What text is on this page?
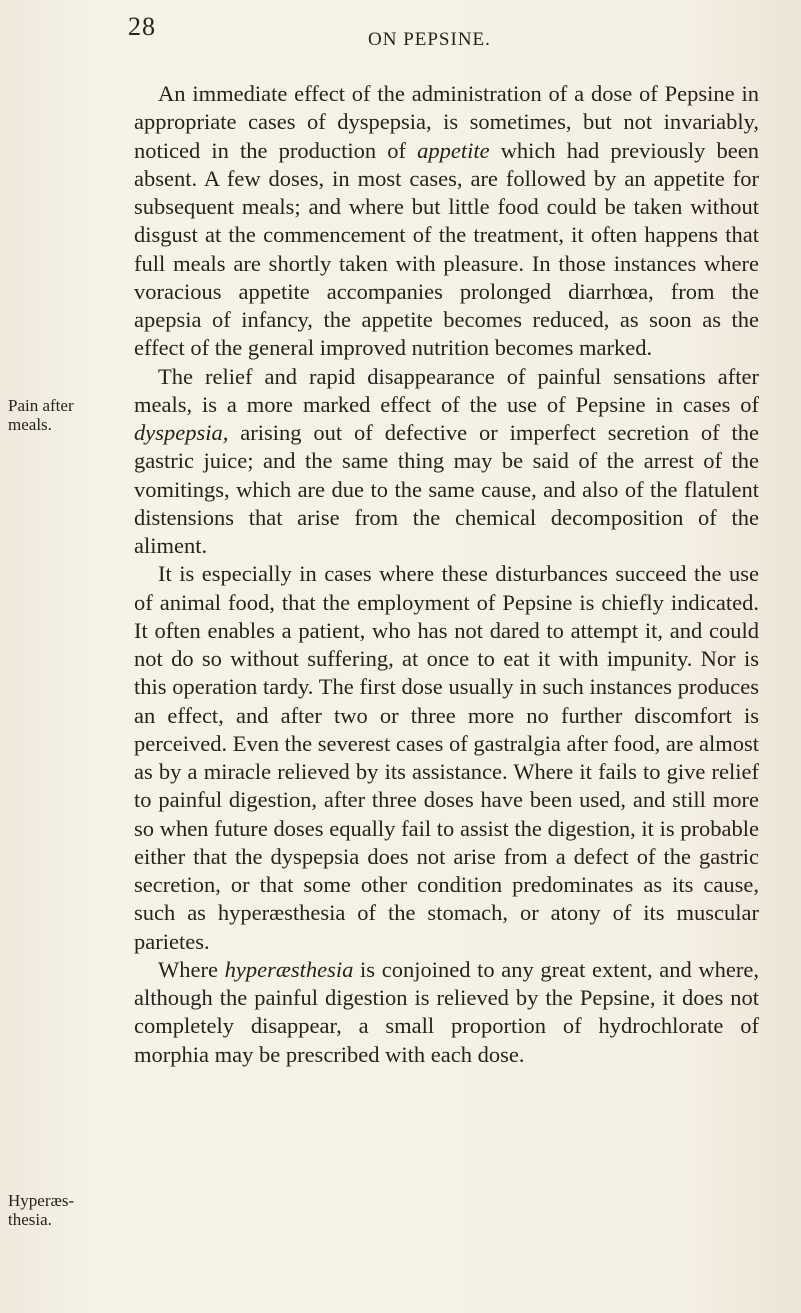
28	ON PEPSINE.
Pain after
meals.
Hyperæs-
thesia.

An immediate effect of the administration of a dose of Pepsine in appropriate cases of dyspepsia, is sometimes, but not invariably, noticed in the production of appetite which had previously been absent. A few doses, in most cases, are followed by an appetite for subsequent meals; and where but little food could be taken without disgust at the commencement of the treatment, it often happens that full meals are shortly taken with pleasure. In those instances where voracious appetite accompanies prolonged diarrhœa, from the apepsia of infancy, the appetite becomes reduced, as soon as the effect of the general improved nutrition becomes marked.

The relief and rapid disappearance of painful sensations after meals, is a more marked effect of the use of Pepsine in cases of dyspepsia, arising out of defective or imperfect secretion of the gastric juice; and the same thing may be said of the arrest of the vomitings, which are due to the same cause, and also of the flatulent distensions that arise from the chemical decomposition of the aliment.

It is especially in cases where these disturbances succeed the use of animal food, that the employment of Pepsine is chiefly indicated. It often enables a patient, who has not dared to attempt it, and could not do so without suffering, at once to eat it with impunity. Nor is this operation tardy. The first dose usually in such instances produces an effect, and after two or three more no further discomfort is perceived. Even the severest cases of gastralgia after food, are almost as by a miracle relieved by its assistance. Where it fails to give relief to painful digestion, after three doses have been used, and still more so when future doses equally fail to assist the digestion, it is probable either that the dyspepsia does not arise from a defect of the gastric secretion, or that some other condition predominates as its cause, such as hyperæsthesia of the stomach, or atony of its muscular parietes.

Where hyperæsthesia is conjoined to any great extent, and where, although the painful digestion is relieved by the Pepsine, it does not completely disappear, a small proportion of hydrochlorate of morphia may be prescribed with each dose.
